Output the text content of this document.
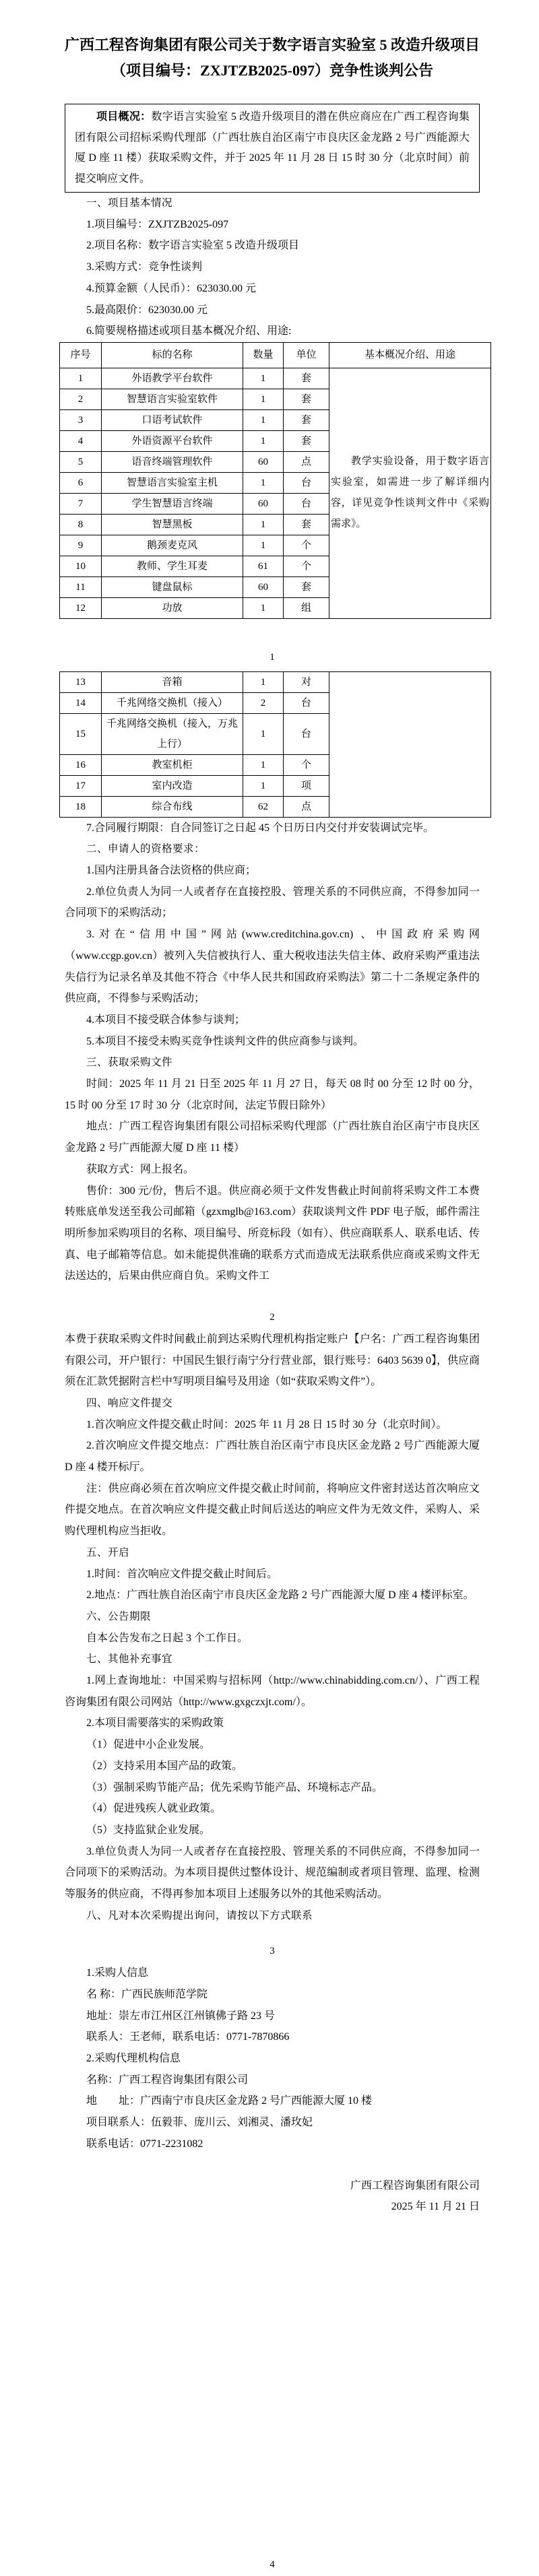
广西工程咨询集团有限公司关于数字语言实验室 5 改造升级项目
（项目编号：ZXJTZB2025-097）竞争性谈判公告

项目概况：数字语言实验室 5 改造升级项目的潜在供应商应在广西工程咨询集团有限公司招标采购代理部（广西壮族自治区南宁市良庆区金龙路 2 号广西能源大厦 D 座 11 楼）获取采购文件，并于 2025 年 11 月 28 日 15 时 30 分（北京时间）前提交响应文件。

一、项目基本情况

1.项目编号：ZXJTZB2025-097

2.项目名称：数字语言实验室 5 改造升级项目

3.采购方式：竞争性谈判

4.预算金额（人民币）：623030.00 元

5.最高限价：623030.00 元

6.简要规格描述或项目基本概况介绍、用途:

序号	标的名称	数量	单位	基本概况介绍、用途
1	外语教学平台软件	1	套	教学实验设备，用于数字语言实验室，如需进一步了解详细内容，详见竞争性谈判文件中《采购需求》。

2	智慧语言实验室软件	1	套	
3	口语考试软件	1	套	
4	外语资源平台软件	1	套	
5	语音终端管理软件	60	点	
6	智慧语言实验室主机	1	台	
7	学生智慧语言终端	60	台	
8	智慧黑板	1	套	
9	鹅颈麦克风	1	个	
10	教师、学生耳麦	61	个	
11	键盘鼠标	60	套	
12	功放	1	组	
1
13	音箱	1	对	
14	千兆网络交换机（接入）	2	台	
15	千兆网络交换机（接入，万兆上行）	1	台	
16	教室机柜	1	个	
17	室内改造	1	项	
18	综合布线	62	点	

7.合同履行期限：自合同签订之日起 45 个日历日内交付并安装调试完毕。

二、申请人的资格要求：

1.国内注册具备合法资格的供应商；

2.单位负责人为同一人或者存在直接控股、管理关系的不同供应商，不得参加同一合同项下的采购活动；

3.对在“信用中国”网站(www.creditchina.gov.cn) 、中国政府采购网（www.ccgp.gov.cn）被列入失信被执行人、重大税收违法失信主体、政府采购严重违法失信行为记录名单及其他不符合《中华人民共和国政府采购法》第二十二条规定条件的供应商，不得参与采购活动；

4.本项目不接受联合体参与谈判；

5.本项目不接受未购买竞争性谈判文件的供应商参与谈判。

三、获取采购文件

时间：2025 年 11 月 21 日至 2025 年 11 月 27 日，每天 08 时 00 分至 12 时 00 分，15 时 00 分至 17 时 30 分（北京时间，法定节假日除外）

地点：广西工程咨询集团有限公司招标采购代理部（广西壮族自治区南宁市良庆区金龙路 2 号广西能源大厦 D 座 11 楼）

获取方式：网上报名。

售价：300 元/份，售后不退。供应商必须于文件发售截止时间前将采购文件工本费转账底单发送至我公司邮箱（gzxmglb@163.com）获取谈判文件 PDF 电子版，邮件需注明所参加采购项目的名称、项目编号、所竞标段（如有）、供应商联系人、联系电话、传真、电子邮箱等信息。如未能提供准确的联系方式而造成无法联系供应商或采购文件无法送达的，后果由供应商自负。采购文件工

2

本费于获取采购文件时间截止前到达采购代理机构指定账户【户名：广西工程咨询集团有限公司，开户银行：中国民生银行南宁分行营业部，银行账号：6403 5639 0】，供应商须在汇款凭据附言栏中写明项目编号及用途（如“获取采购文件”）。

四、响应文件提交

1.首次响应文件提交截止时间：2025 年 11 月 28 日 15 时 30 分（北京时间）。

2.首次响应文件提交地点：广西壮族自治区南宁市良庆区金龙路 2 号广西能源大厦 D 座 4 楼开标厅。

注：供应商必须在首次响应文件提交截止时间前，将响应文件密封送达首次响应文件提交地点。在首次响应文件提交截止时间后送达的响应文件为无效文件，采购人、采购代理机构应当拒收。

五、开启

1.时间：首次响应文件提交截止时间后。

2.地点：广西壮族自治区南宁市良庆区金龙路 2 号广西能源大厦 D 座 4 楼评标室。

六、公告期限

自本公告发布之日起 3 个工作日。

七、其他补充事宜

1.网上查询地址：中国采购与招标网（http://www.chinabidding.com.cn/）、广西工程咨询集团有限公司网站（http://www.gxgczxjt.com/）。

2.本项目需要落实的采购政策

（1）促进中小企业发展。

（2）支持采用本国产品的政策。

（3）强制采购节能产品；优先采购节能产品、环境标志产品。

（4）促进残疾人就业政策。

（5）支持监狱企业发展。

3.单位负责人为同一人或者存在直接控股、管理关系的不同供应商，不得参加同一合同项下的采购活动。为本项目提供过整体设计、规范编制或者项目管理、监理、检测等服务的供应商，不得再参加本项目上述服务以外的其他采购活动。

八、凡对本次采购提出询问，请按以下方式联系

3

1.采购人信息

名 称：广西民族师范学院

地址：崇左市江州区江州镇佛子路 23 号

联系人：王老师，联系电话：0771-7870866

2.采购代理机构信息

名称：广西工程咨询集团有限公司

地　　址：广西南宁市良庆区金龙路 2 号广西能源大厦 10 楼

项目联系人：伍毅菲、庞川云、刘湘灵、潘玫妃

联系电话：0771-2231082

广西工程咨询集团有限公司
2025 年 11 月 21 日
4
